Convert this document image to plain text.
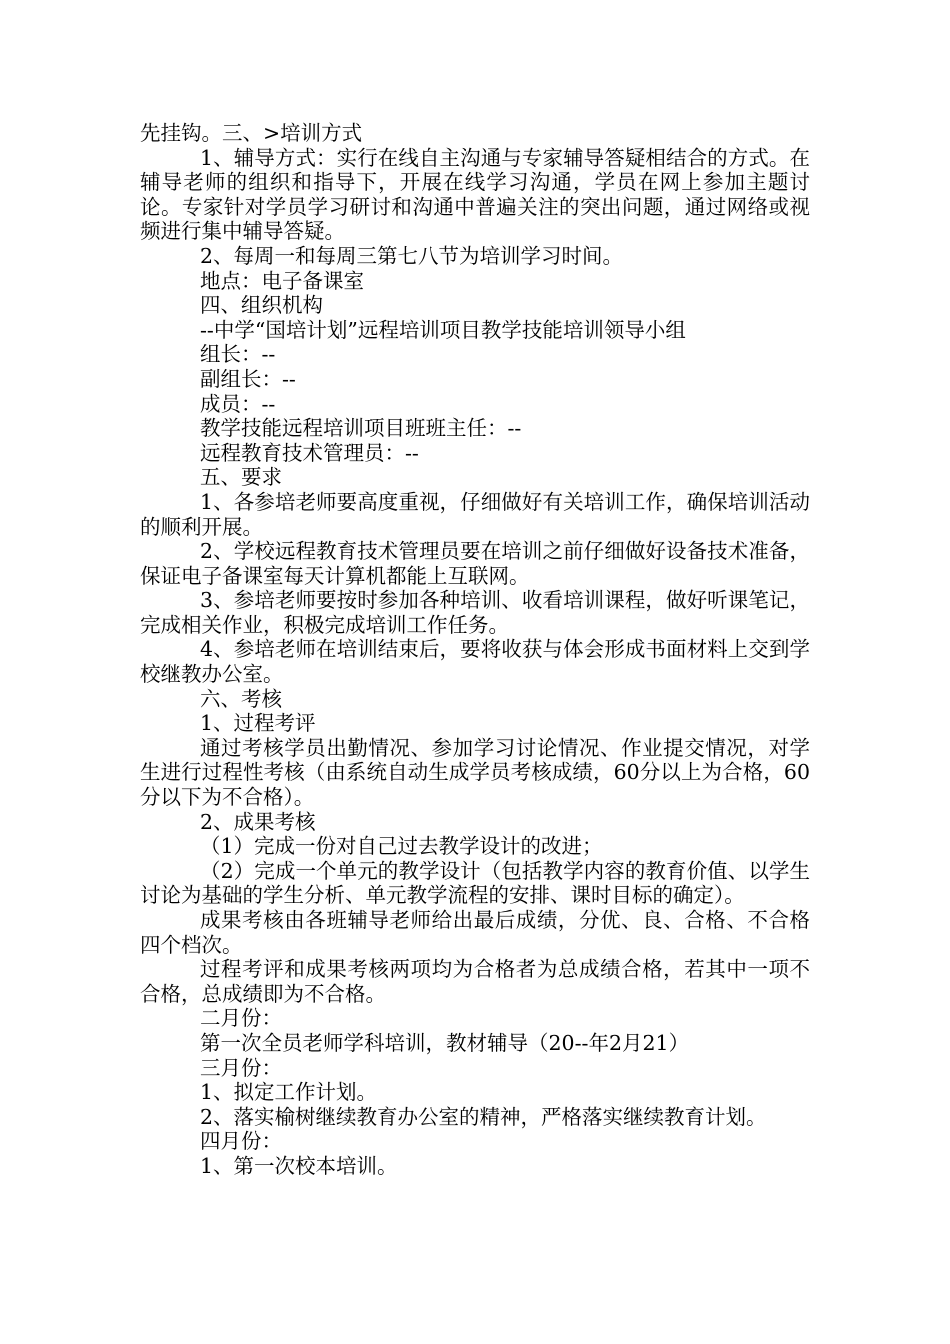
先挂钩。三、>培训方式

1、辅导方式：实行在线自主沟通与专家辅导答疑相结合的方式。在辅导老师的组织和指导下，开展在线学习沟通，学员在网上参加主题讨论。专家针对学员学习研讨和沟通中普遍关注的突出问题，通过网络或视频进行集中辅导答疑。

2、每周一和每周三第七八节为培训学习时间。

地点：电子备课室

四、组织机构

--中学“国培计划”远程培训项目教学技能培训领导小组

组长：--

副组长：--

成员：--

教学技能远程培训项目班班主任：--

远程教育技术管理员：--

五、要求

1、各参培老师要高度重视，仔细做好有关培训工作，确保培训活动的顺利开展。

2、学校远程教育技术管理员要在培训之前仔细做好设备技术准备，保证电子备课室每天计算机都能上互联网。

3、参培老师要按时参加各种培训、收看培训课程，做好听课笔记，完成相关作业，积极完成培训工作任务。

4、参培老师在培训结束后，要将收获与体会形成书面材料上交到学校继教办公室。

六、考核

1、过程考评

通过考核学员出勤情况、参加学习讨论情况、作业提交情况，对学生进行过程性考核（由系统自动生成学员考核成绩，60分以上为合格，60分以下为不合格）。

2、成果考核

（1）完成一份对自己过去教学设计的改进；

（2）完成一个单元的教学设计（包括教学内容的教育价值、以学生讨论为基础的学生分析、单元教学流程的安排、课时目标的确定）。

成果考核由各班辅导老师给出最后成绩，分优、良、合格、不合格四个档次。

过程考评和成果考核两项均为合格者为总成绩合格，若其中一项不合格，总成绩即为不合格。

二月份：

第一次全员老师学科培训，教材辅导（20--年2月21）

三月份：

1、拟定工作计划。

2、落实榆树继续教育办公室的精神，严格落实继续教育计划。

四月份：

1、第一次校本培训。
